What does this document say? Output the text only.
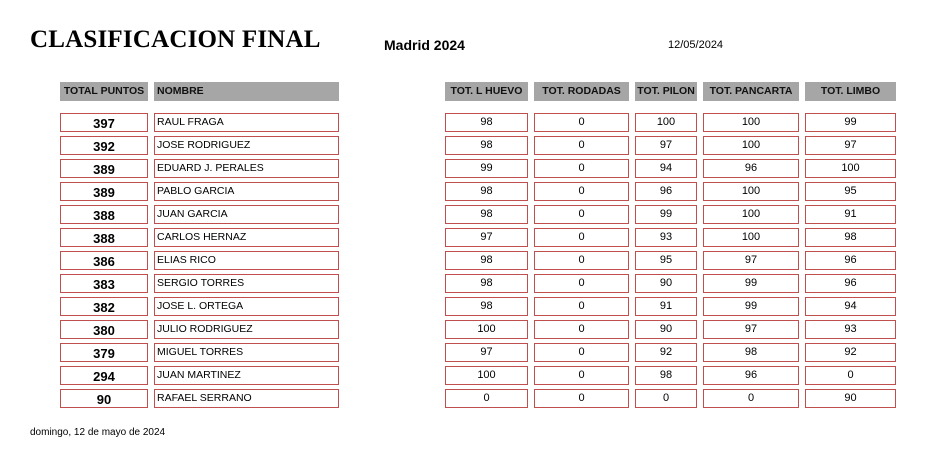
CLASIFICACION FINAL	Madrid 2024	12/05/2024
TOTAL PUNTOS	NOMBRE	TOT. L HUEVO	TOT. RODADAS	TOT. PILON	TOT. PANCARTA	TOT. LIMBO
397	RAUL FRAGA	98	0	100	100	99
392	JOSE RODRIGUEZ	98	0	97	100	97
389	EDUARD J. PERALES	99	0	94	96	100
389	PABLO GARCIA	98	0	96	100	95
388	JUAN GARCIA	98	0	99	100	91
388	CARLOS HERNAZ	97	0	93	100	98
386	ELIAS RICO	98	0	95	97	96
383	SERGIO TORRES	98	0	90	99	96
382	JOSE L. ORTEGA	98	0	91	99	94
380	JULIO RODRIGUEZ	100	0	90	97	93
379	MIGUEL TORRES	97	0	92	98	92
294	JUAN MARTINEZ	100	0	98	96	0
90	RAFAEL SERRANO	0	0	0	0	90
domingo, 12 de mayo de 2024
